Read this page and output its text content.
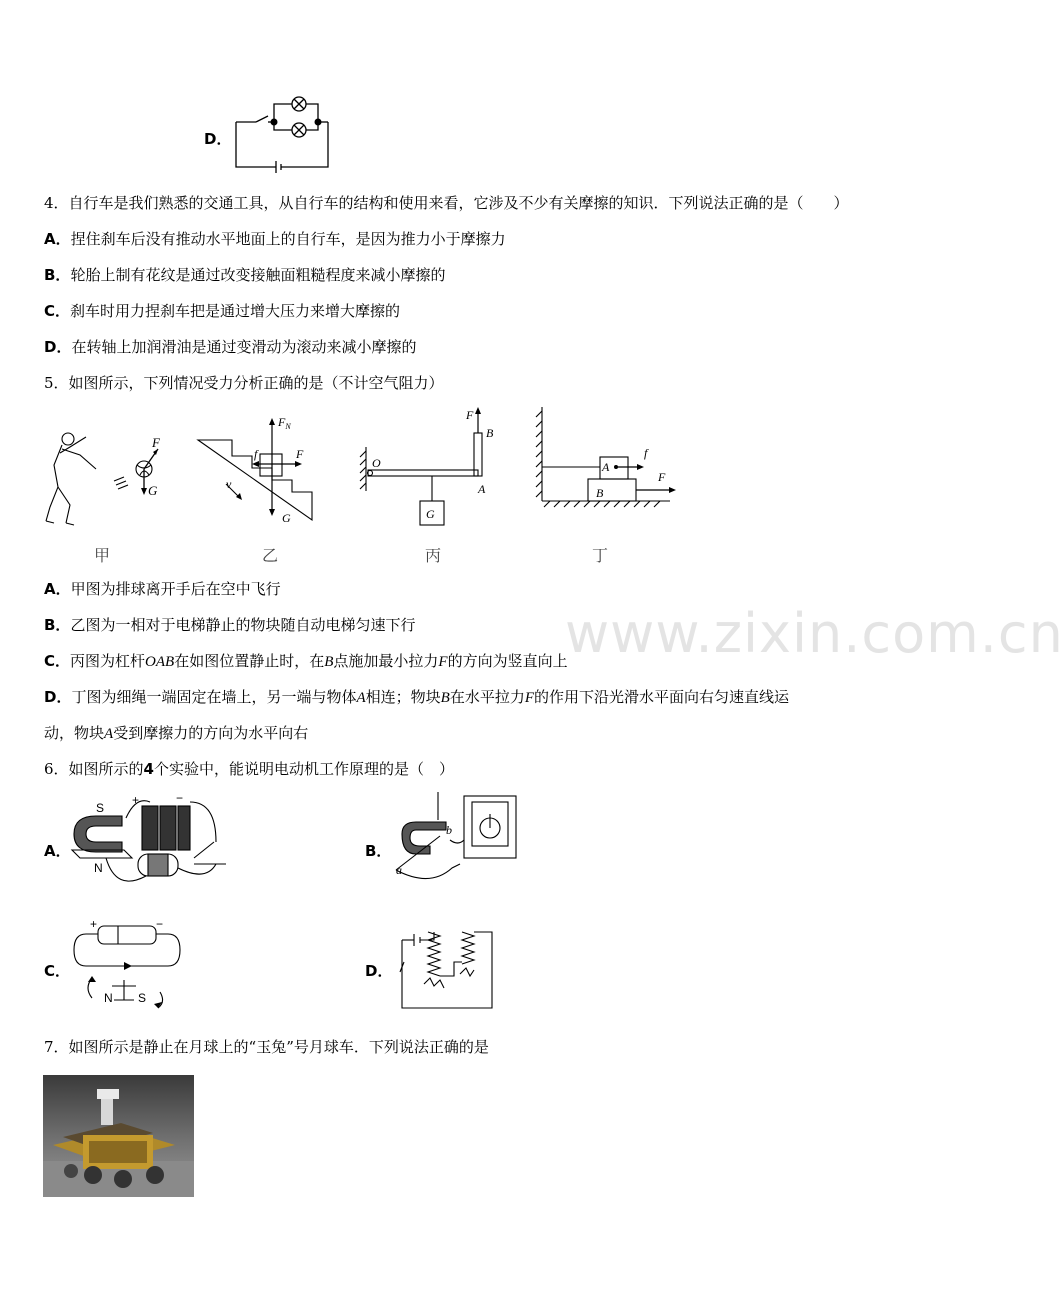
D．
4．自行车是我们熟悉的交通工具，从自行车的结构和使用来看，它涉及不少有关摩擦的知识．下列说法正确的是（　　）
A．捏住刹车后没有推动水平地面上的自行车，是因为推力小于摩擦力
B．轮胎上制有花纹是通过改变接触面粗糙程度来减小摩擦的
C．刹车时用力捏刹车把是通过增大压力来增大摩擦的
D．在转轴上加润滑油是通过变滑动为滚动来减小摩擦的
5．如图所示，下列情况受力分析正确的是（不计空气阻力）
F
G
$F_N$
F
f
G
v
F
B
O
A
G
A
B
f
F
甲	乙	丙	丁
www.zixin.com.cn
A．甲图为排球离开手后在空中飞行
B．乙图为一相对于电梯静止的物块随自动电梯匀速下行
C．丙图为杠杆OAB在如图位置静止时，在B点施加最小拉力F的方向为竖直向上
D．丁图为细绳一端固定在墙上，另一端与物体A相连；物块B在水平拉力F的作用下沿光滑水平面向右匀速直线运
动，物块A受到摩擦力的方向为水平向右
6．如图所示的4个实验中，能说明电动机工作原理的是（　）
A．
S
N
+	−
B．
a
b
C．
+	−
N S
D．
7．如图所示是静止在月球上的“玉兔”号月球车．下列说法正确的是
